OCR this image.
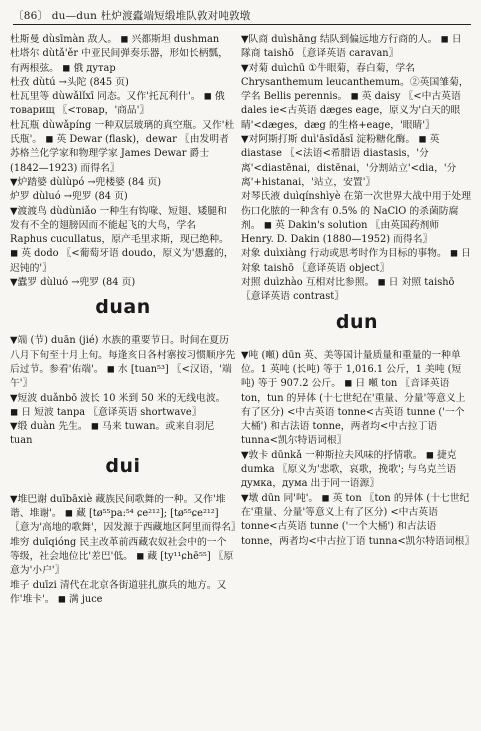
〔86〕 du—dun 杜炉渡蠹端短缎堆队敦对吨敦墩
杜斯曼 dùsīmàn 敌人。 ◼ 兴都斯坦 dushman
杜塔尔 dùtǎ'ěr 中亚民间弹奏乐器，形如长柄瓢，有两根弦。 ◼ 俄 дутар
杜孜 dùtú →头陀 (845 页)
杜瓦里等 dùwǎlǐxī 同态。又作'托瓦利什'。 ◼ 俄 товарищ 〖<товар，'商品'〗
杜瓦瓶 dùwǎpíng 一种双层玻璃的真空瓶。又作'杜氏瓶'。 ◼ 英 Dewar (flask)，dewar 〖由发明者苏格兰化学家和物理学家 James Dewar 爵士 (1842—1923) 而得名〗
▼炉踏婆 dùlùpó →兜楼婆 (84 页)
炉罗 dùluó →兜罗 (84 页)
▼渡渡鸟 dùdùniǎo 一种生有钩喙、短翅、矮腿和发有不全的翅膀因而不能起飞的大鸟，学名 Raphus cucullatus，原产毛里求斯，现已绝种。 ◼ 英 dodo 〖<葡萄牙语 doudo，原义为'愚蠢的，迟钝的'〗
▼蠹罗 dùluó →兜罗 (84 页)
duan
▼端 (节) duān (jié) 水族的重要节日。时间在夏历八月下旬至十月上旬。每逢亥日各村寨按习惯顺序先后过节。参看'佑端'。 ◼ 水 [tuan⁵³] 〖<汉语，'端午'〗
▼短波 duǎnbō 波长 10 米到 50 米的无线电波。 ◼ 日 短波 tanpa 〖意译英语 shortwave〗
▼缎 duàn 先生。 ◼ 马来 tuwan。或来自羽尼 tuan
dui
▼堆巴谢 duībāxiè 藏族民间歌舞的一种。又作'堆谐、堆谢'。 ◼ 藏 [tø⁵⁵pa:⁵⁴ ɕe²¹²]; [tø⁵⁵ɕe²¹²] 〖意为'高地的歌舞'，因发源于西藏地区阿里而得名〗
堆穷 duīqióng 民主改革前西藏农奴社会中的一个等级，社会地位比'差巴'低。 ◼ 藏 [ty¹¹ɕhē⁵⁵] 〖原意为'小户'〗
堆子 duīzi 清代在北京各街道驻扎旗兵的地方。又作'堆卡'。 ◼ 满 juce
▼队商 duìshāng 结队到偏远地方行商的人。 ◼ 日 隊商 taishō 〖意译英语 caravan〗
▼对菊 duìchū ①牛眼菊，春白菊，学名 Chrysanthemum leucanthemum。②英国雏菊，学名 Bellis perennis。 ◼ 英 daisy 〖<中古英语 dales ie<古英语 dæges eage，原义为'白天的眼睛'<dæges，dæg 的生格+eage，'眼睛'〗
▼对阿斯打斯 duì'āsīdǎsī 淀粉糖化酶。 ◼ 英 diastase 〖<法语<希腊语 diastasis，'分离'<diastēnai，distēnai，'分割站立'<dia，'分离'+histanai，'站立，安置'〗
对琴氏液 duìqínshìyè 在第一次世界大战中用于处理伤口化脓的一种含有 0.5% 的 NaClO 的杀菌防腐剂。 ◼ 英 Dakin's solution 〖由英国药剂师 Henry. D. Dakin (1880—1952) 而得名〗
对象 duìxiàng 行动或思考时作为目标的事物。 ◼ 日 対象 taishō 〖意译英语 object〗
对照 duìzhào 互相对比参照。 ◼ 日 対照 taishō 〖意译英语 contrast〗
dun
▼吨 (噸) dūn 英、美等国计量质量和重量的一种单位。1 英吨 (长吨) 等于 1,016.1 公斤，1 美吨 (短吨) 等于 907.2 公斤。 ◼ 日 噸 ton 〖音译英语 ton，tun 的异体 (十七世纪在'重量、分量'等意义上有了区分) <中古英语 tonne<古英语 tunne ('一个大桶') 和古法语 tonne，两者均<中古拉丁语 tunna<凯尔特语词根〗
▼敦卡 dūnkǎ 一种斯拉夫风味的抒情歌。 ◼ 捷克 dumka 〖原义为'悲歌，哀歌，挽歌'; 与乌克兰语 думка，дума 出于同一语源〗
▼墩 dūn 同'吨'。 ◼ 英 ton 〖ton 的异体 (十七世纪在'重量、分量'等意义上有了区分) <中古英语 tonne<古英语 tunne ('一个大桶') 和古法语 tonne，两者均<中古拉丁语 tunna<凯尔特语词根〗
